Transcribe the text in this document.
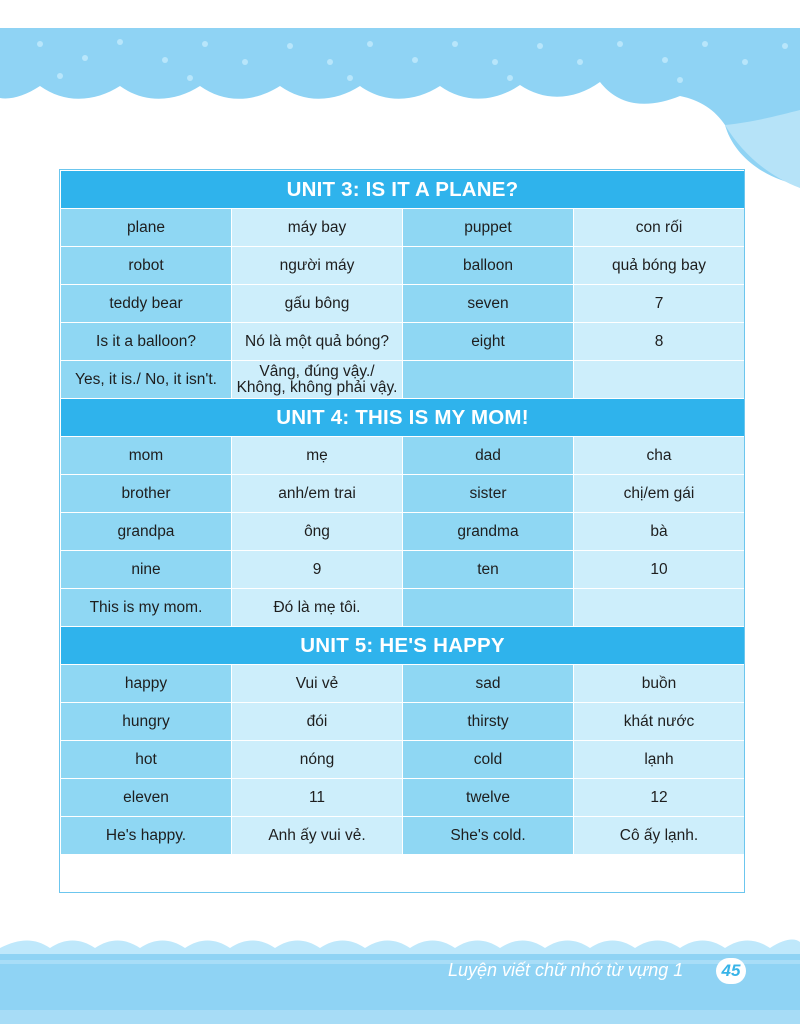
Luyện viết chữ nhớ từ vựng 1	45
UNIT 3: IS IT A PLANE?			
plane	máy bay	puppet	con rối
robot	người máy	balloon	quả bóng bay
teddy bear	gấu bông	seven	7
Is it a balloon?	Nó là một quả bóng?	eight	8
Yes, it is./ No, it isn't.	Vâng, đúng vậy./ Không, không phải vậy.		
UNIT 4: THIS IS MY MOM!			
mom	mẹ	dad	cha
brother	anh/em trai	sister	chị/em gái
grandpa	ông	grandma	bà
nine	9	ten	10
This is my mom.	Đó là mẹ tôi.		
UNIT 5: HE'S HAPPY			
happy	Vui vẻ	sad	buồn
hungry	đói	thirsty	khát nước
hot	nóng	cold	lạnh
eleven	11	twelve	12
He's happy.	Anh ấy vui vẻ.	She's cold.	Cô ấy lạnh.
